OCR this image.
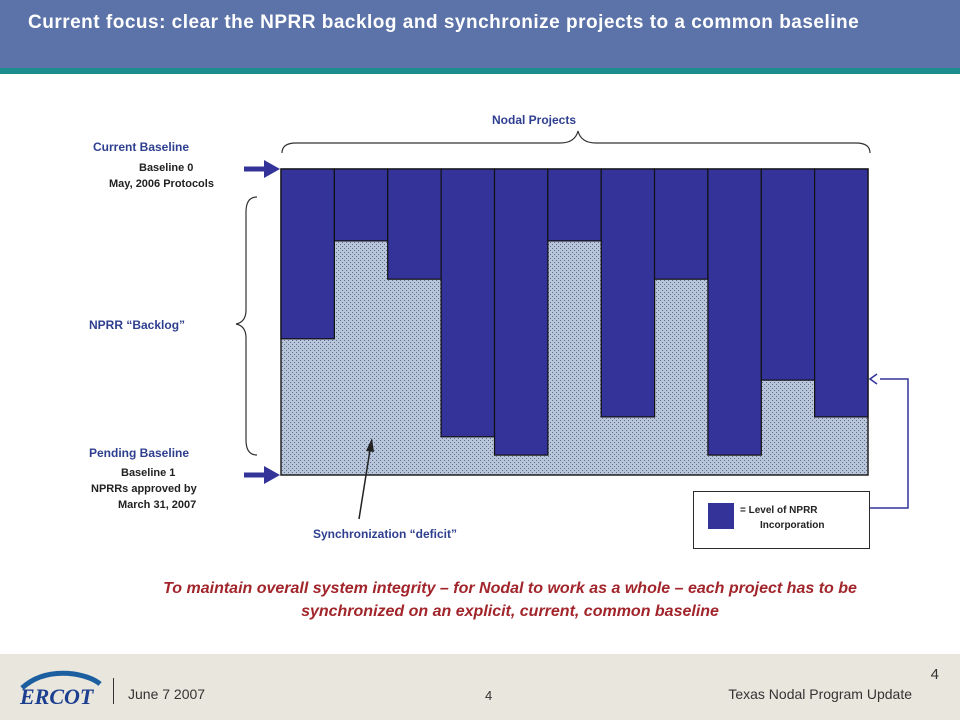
Current focus: clear the NPRR backlog and synchronize projects to a common baseline
Nodal Projects
Current Baseline
Baseline 0
May, 2006 Protocols
NPRR “Backlog”
Pending Baseline
Baseline 1
NPRRs approved by
March 31, 2007
Synchronization “deficit”
= Level of NPRR
Incorporation
To maintain overall system integrity – for Nodal to work as a whole – each project has to be
synchronized on an explicit, current, common baseline
ERCOT June 7 2007	4	Texas Nodal Program Update
4
